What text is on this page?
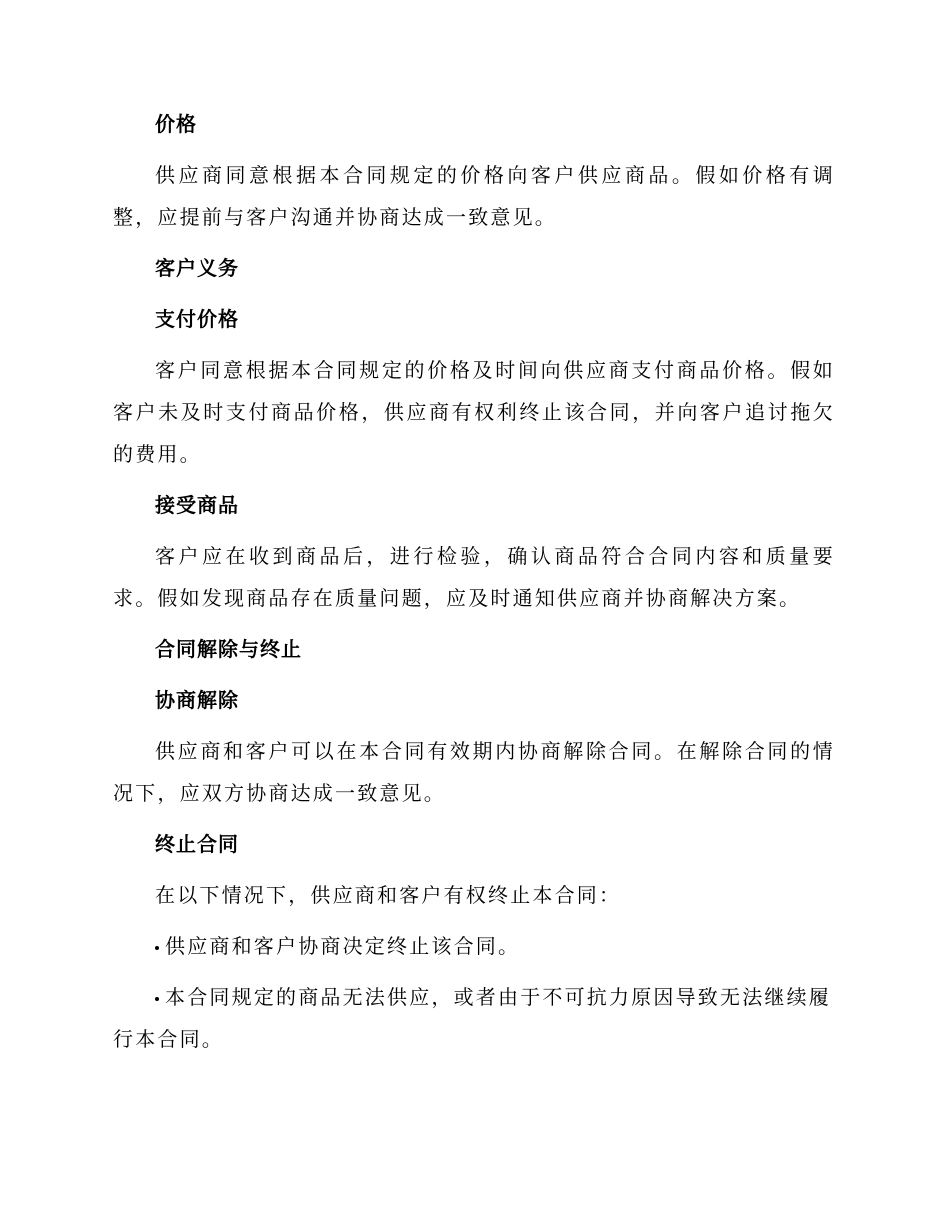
价格
供应商同意根据本合同规定的价格向客户供应商品。假如价格有调整，应提前与客户沟通并协商达成一致意见。
客户义务
支付价格
客户同意根据本合同规定的价格及时间向供应商支付商品价格。假如客户未及时支付商品价格，供应商有权利终止该合同，并向客户追讨拖欠的费用。
接受商品
客户应在收到商品后，进行检验，确认商品符合合同内容和质量要求。假如发现商品存在质量问题，应及时通知供应商并协商解决方案。
合同解除与终止
协商解除
供应商和客户可以在本合同有效期内协商解除合同。在解除合同的情况下，应双方协商达成一致意见。
终止合同
在以下情况下，供应商和客户有权终止本合同：
供应商和客户协商决定终止该合同。
本合同规定的商品无法供应，或者由于不可抗力原因导致无法继续履行本合同。
